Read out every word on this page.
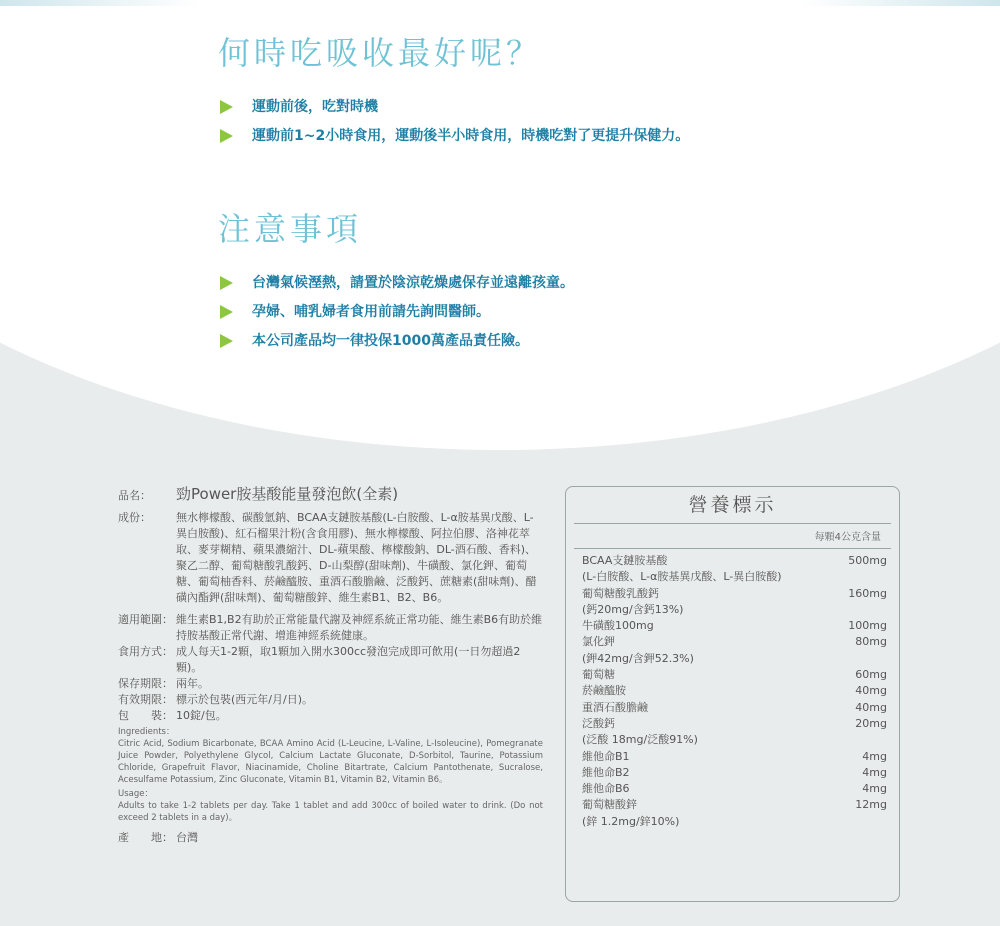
何時吃吸收最好呢？
運動前後，吃對時機
運動前1~2小時食用，運動後半小時食用，時機吃對了更提升保健力。
注意事項
台灣氣候溼熱，請置於陰涼乾燥處保存並遠離孩童。
孕婦、哺乳婦者食用前請先詢問醫師。
本公司產品均一律投保1000萬產品責任險。
品名：	勁Power胺基酸能量發泡飲(全素)
成份：	無水檸檬酸、碳酸氫鈉、BCAA支鏈胺基酸(L-白胺酸、L-α胺基異戊酸、L-異白胺酸)、紅石榴果汁粉(含食用膠)、無水檸檬酸、阿拉伯膠、洛神花萃取、麥芽糊精、蘋果濃縮汁、DL-蘋果酸、檸檬酸鈉、DL-酒石酸、香料)、聚乙二醇、葡萄糖酸乳酸鈣、D-山梨醇(甜味劑)、牛磺酸、氯化鉀、葡萄糖、葡萄柚香料、菸鹼醯胺、重酒石酸膽鹼、泛酸鈣、蔗糖素(甜味劑)、醋磺內酯鉀(甜味劑)、葡萄糖酸鋅、維生素B1、B2、B6。
適用範圍： 維生素B1,B2有助於正常能量代謝及神經系統正常功能、維生素B6有助於維持胺基酸正常代謝、增進神經系統健康。
食用方式： 成人每天1-2顆，取1顆加入開水300cc發泡完成即可飲用(一日勿超過2顆)。
保存期限： 兩年。
有效期限： 標示於包裝(西元年/月/日)。
包　　裝： 10錠/包。
Ingredients：
Citric Acid, Sodium Bicarbonate, BCAA Amino Acid (L-Leucine, L-Valine, L-Isoleucine), Pomegranate Juice Powder, Polyethylene Glycol, Calcium Lactate Gluconate, D-Sorbitol, Taurine, Potassium Chloride, Grapefruit Flavor, Niacinamide, Choline Bitartrate, Calcium Pantothenate, Sucralose, Acesulfame Potassium, Zinc Gluconate, Vitamin B1, Vitamin B2, Vitamin B6。
Usage：
Adults to take 1-2 tablets per day. Take 1 tablet and add 300cc of boiled water to drink. (Do not exceed 2 tablets in a day)。
產　　地： 台灣
營養標示
每顆4公克含量
BCAA支鏈胺基酸	500mg
(L-白胺酸、L-α胺基異戊酸、L-異白胺酸)
葡萄糖酸乳酸鈣	160mg
(鈣20mg/含鈣13%)
牛磺酸100mg	100mg
氯化鉀	80mg
(鉀42mg/含鉀52.3%)
葡萄糖	60mg
菸鹼醯胺	40mg
重酒石酸膽鹼	40mg
泛酸鈣	20mg
(泛酸 18mg/泛酸91%)
維他命B1	4mg
維他命B2	4mg
維他命B6	4mg
葡萄糖酸鋅	12mg
(鋅 1.2mg/鋅10%)
